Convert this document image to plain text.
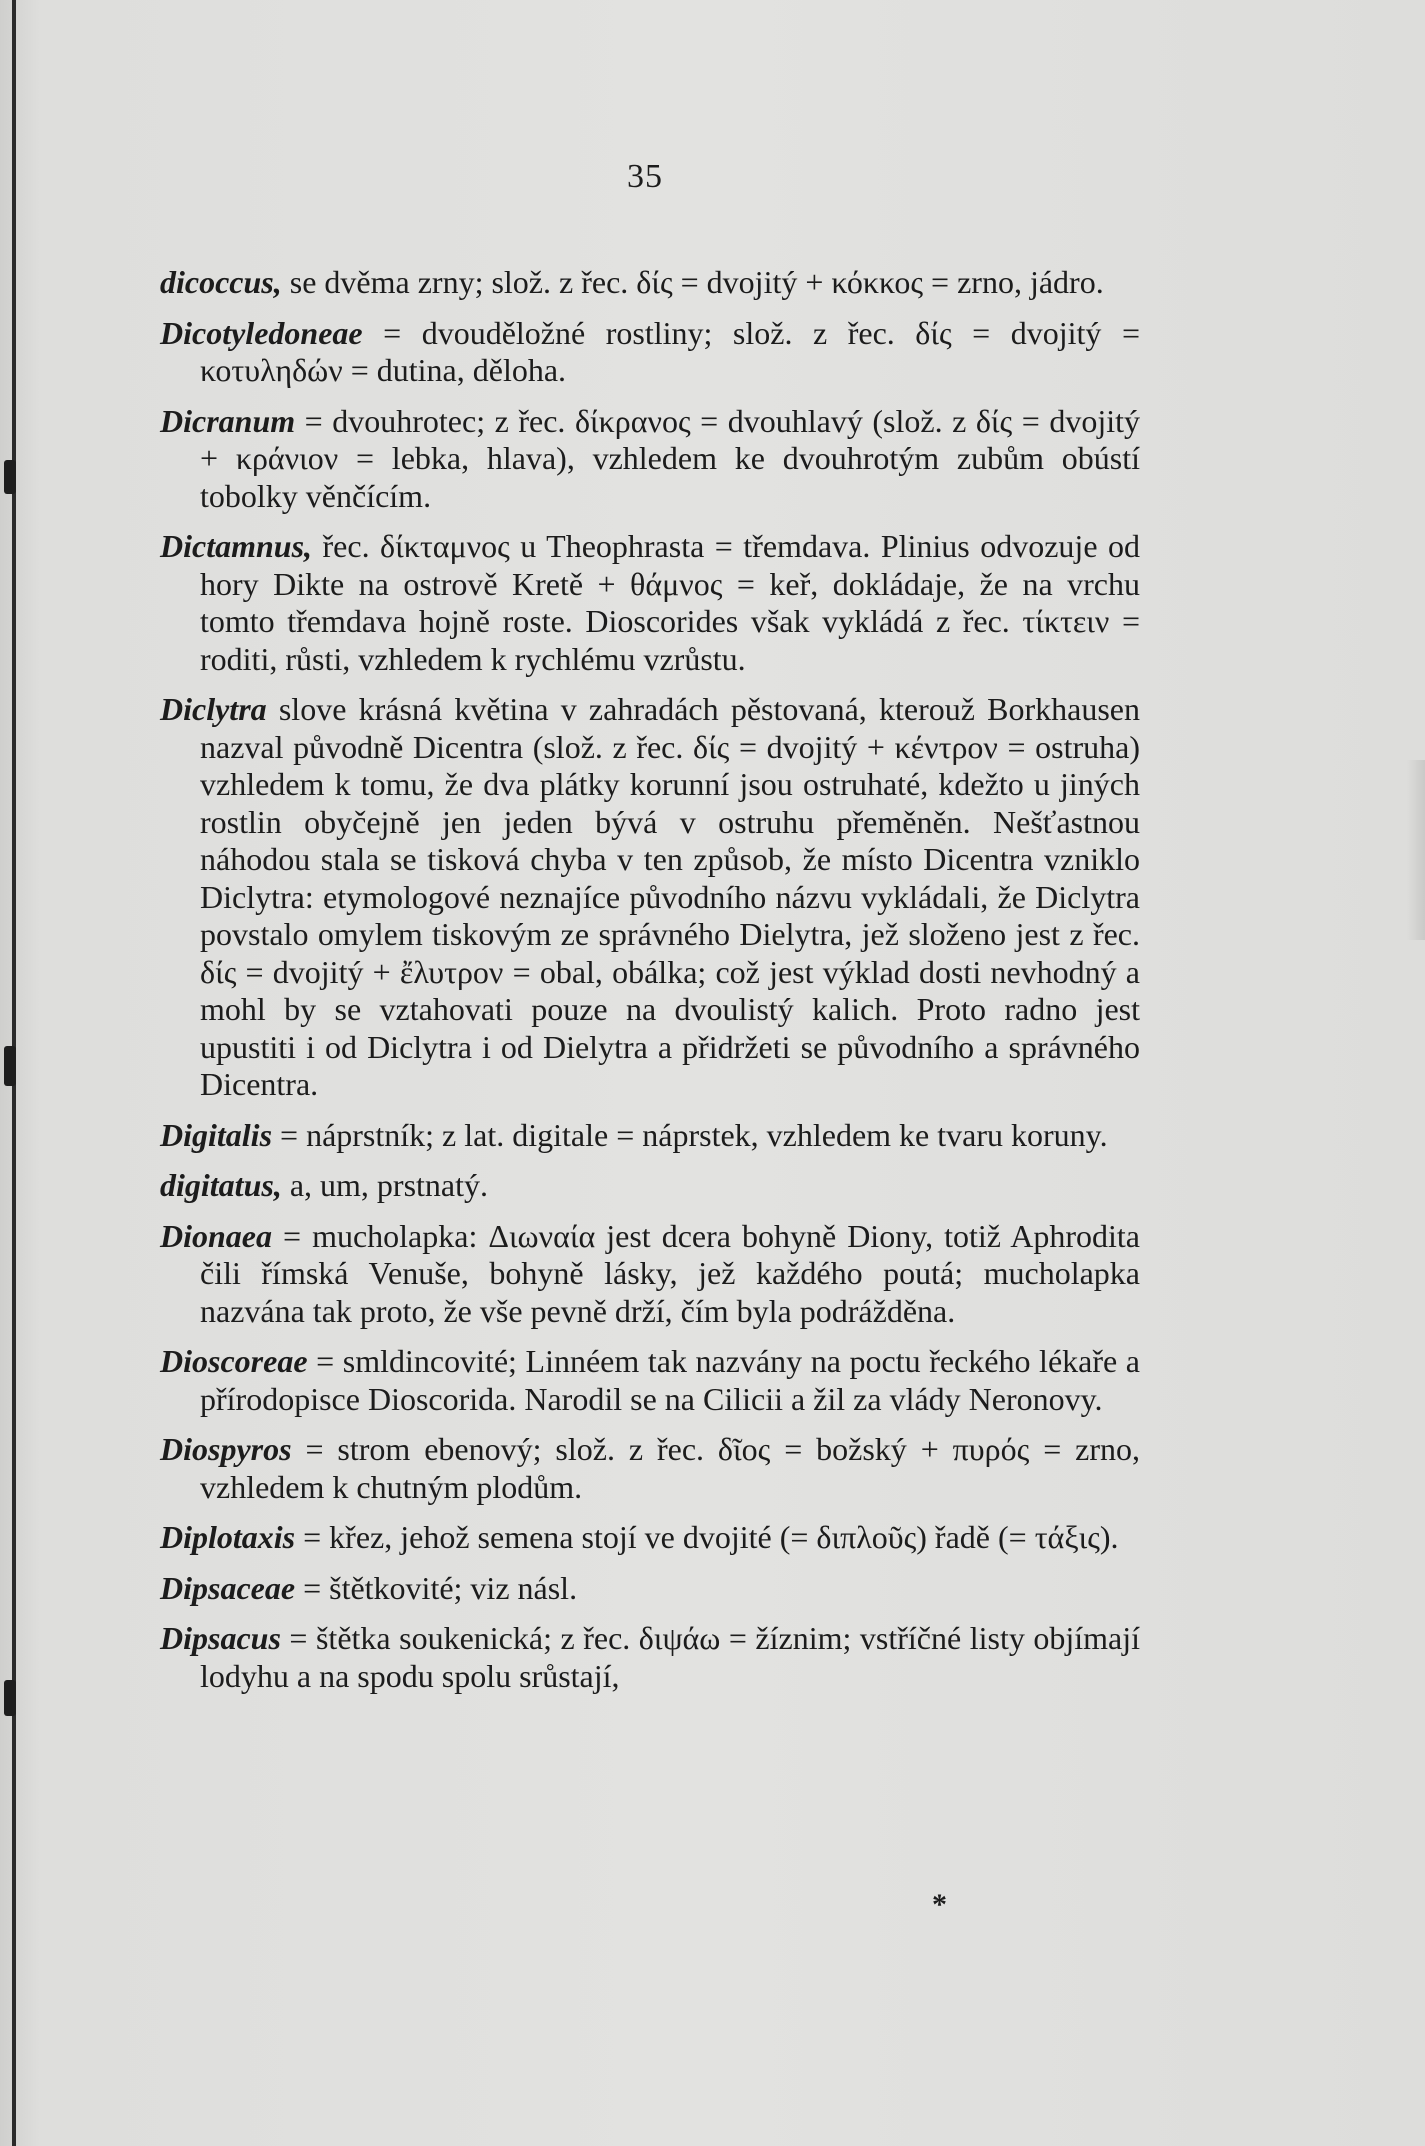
35

dicoccus, se dvěma zrny; slož. z řec. δίς = dvojitý + κόκκος = zrno, jádro.

Dicotyledoneae = dvouděložné rostliny; slož. z řec. δίς = dvojitý = κοτυληδών = dutina, děloha.

Dicranum = dvouhrotec; z řec. δίκρανος = dvouhlavý (slož. z δίς = dvojitý + κράνιον = lebka, hlava), vzhledem ke dvouhrotým zubům obústí tobolky věnčícím.

Dictamnus, řec. δίκταμνος u Theophrasta = třemdava. Plinius odvozuje od hory Dikte na ostrově Kretě + θάμνος = keř, dokládaje, že na vrchu tomto třemdava hojně roste. Dioscorides však vykládá z řec. τίκτειν = roditi, růsti, vzhledem k rychlému vzrůstu.

Diclytra slove krásná květina v zahradách pěstovaná, kterouž Borkhausen nazval původně Dicentra (slož. z řec. δίς = dvojitý + κέντρον = ostruha) vzhledem k tomu, že dva plátky korunní jsou ostruhaté, kdežto u jiných rostlin obyčejně jen jeden bývá v ostruhu přeměněn. Nešťastnou náhodou stala se tisková chyba v ten způsob, že místo Dicentra vzniklo Diclytra: etymologové neznajíce původního názvu vykládali, že Diclytra povstalo omylem tiskovým ze správného Dielytra, jež složeno jest z řec. δίς = dvojitý + ἔλυτρον = obal, obálka; což jest výklad dosti nevhodný a mohl by se vztahovati pouze na dvoulistý kalich. Proto radno jest upustiti i od Diclytra i od Dielytra a přidržeti se původního a správného Dicentra.

Digitalis = náprstník; z lat. digitale = náprstek, vzhledem ke tvaru koruny.

digitatus, a, um, prstnatý.

Dionaea = mucholapka: Διωναία jest dcera bohyně Diony, totiž Aphrodita čili římská Venuše, bohyně lásky, jež každého poutá; mucholapka nazvána tak proto, že vše pevně drží, čím byla podrážděna.

Dioscoreae = smldincovité; Linnéem tak nazvány na poctu řeckého lékaře a přírodopisce Dioscorida. Narodil se na Cilicii a žil za vlády Neronovy.

Diospyros = strom ebenový; slož. z řec. δῖος = božský + πυρός = zrno, vzhledem k chutným plodům.

Diplotaxis = křez, jehož semena stojí ve dvojité (= διπλοῦς) řadě (= τάξις).

Dipsaceae = štětkovité; viz násl.

Dipsacus = štětka soukenická; z řec. διψάω = žíznim; vstříčné listy objímají lodyhu a na spodu spolu srůstají,

*
